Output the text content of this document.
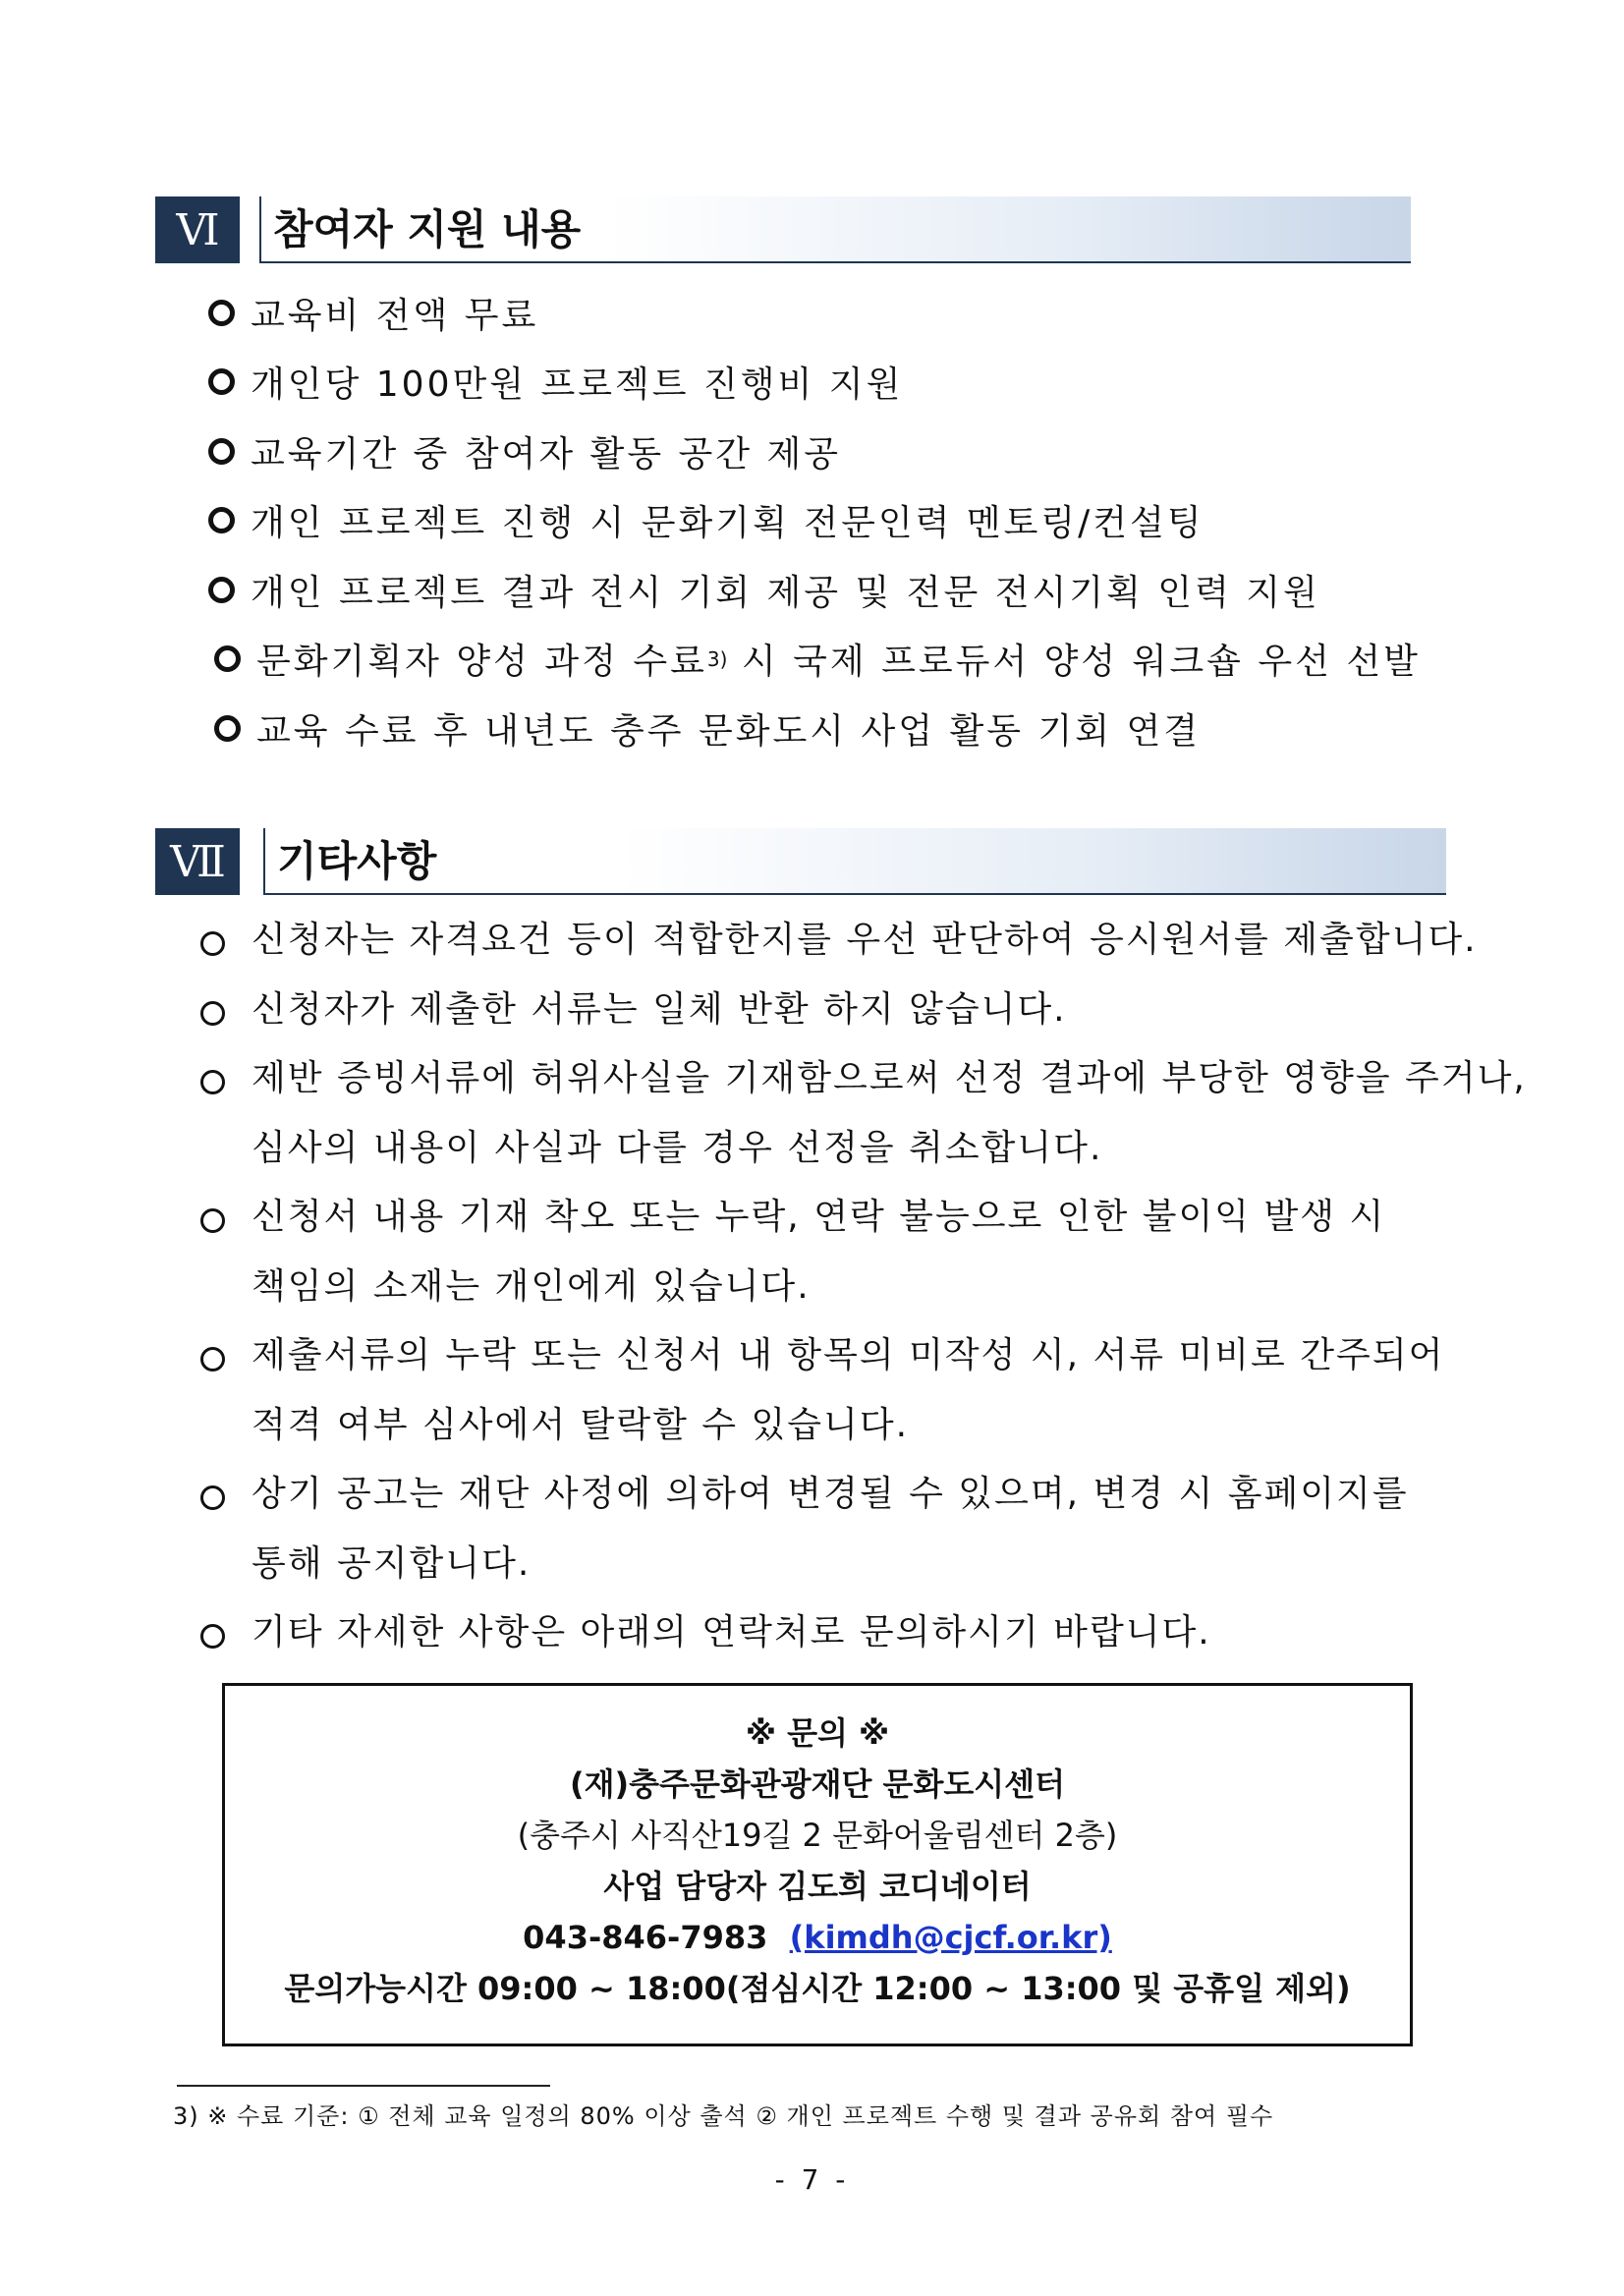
Ⅵ	참여자 지원 내용
교육비 전액 무료
개인당 100만원 프로젝트 진행비 지원
교육기간 중 참여자 활동 공간 제공
개인 프로젝트 진행 시 문화기획 전문인력 멘토링/컨설팅
개인 프로젝트 결과 전시 기회 제공 및 전문 전시기획 인력 지원
문화기획자 양성 과정 수료 3)
시 국제 프로듀서 양성 워크숍 우선 선발
교육 수료 후 내년도 충주 문화도시 사업 활동 기회 연결
Ⅶ	기타사항
신청자는 자격요건 등이 적합한지를 우선 판단하여 응시원서를 제출합니다.
신청자가 제출한 서류는 일체 반환 하지 않습니다.
제반 증빙서류에 허위사실을 기재함으로써 선정 결과에 부당한 영향을 주거나,
심사의 내용이 사실과 다를 경우 선정을 취소합니다.
신청서 내용 기재 착오 또는 누락, 연락 불능으로 인한 불이익 발생 시
책임의 소재는 개인에게 있습니다.
제출서류의 누락 또는 신청서 내 항목의 미작성 시, 서류 미비로 간주되어
적격 여부 심사에서 탈락할 수 있습니다.
상기 공고는 재단 사정에 의하여 변경될 수 있으며, 변경 시 홈페이지를
통해 공지합니다.
기타 자세한 사항은 아래의 연락처로 문의하시기 바랍니다.
※ 문의 ※
(재)충주문화관광재단 문화도시센터
(충주시 사직산19길 2 문화어울림센터 2층)
사업 담당자 김도희 코디네이터
043-846-7983 (kimdh@cjcf.or.kr)
문의가능시간 09:00 ~ 18:00(점심시간 12:00 ~ 13:00 및 공휴일 제외)
3) ※ 수료 기준: ① 전체 교육 일정의 80% 이상 출석 ② 개인 프로젝트 수행 및 결과 공유회 참여 필수
- 7 -
